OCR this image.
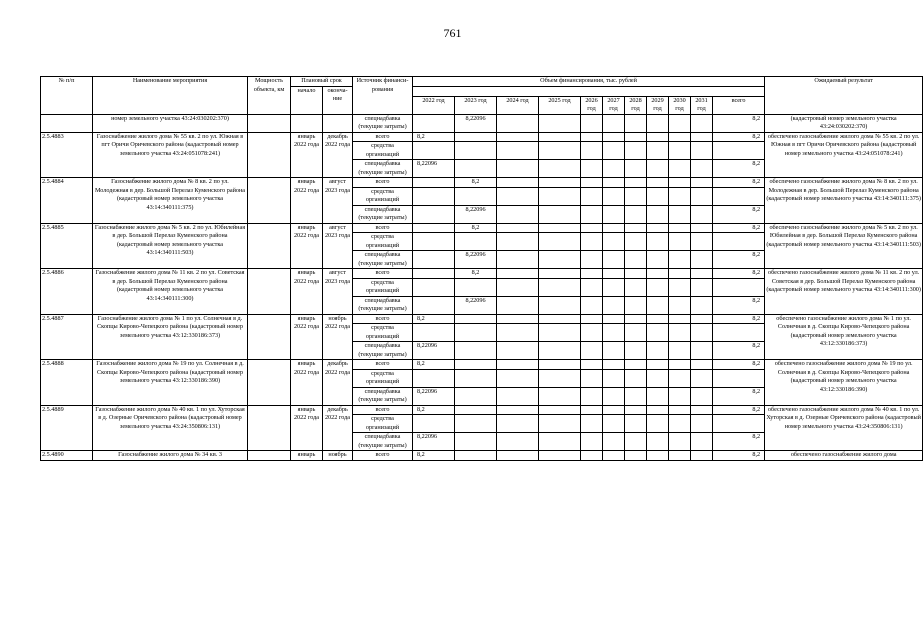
761
№ п/п	Наименование мероприятия	Мощность объекта, км	Плановый срок		Источник финанси-рования	Объем финансирования, тыс. рублей											Ожидаемый результат
			начало	оконча-ние													
						2022 год	2023 год	2024 год	2025 год	2026 год	2027 год	2028 год	2029 год	2030 год	2031 год	всего	
	номер земельного участка 43:24:030202:370)				спецнадбавка (текущие затраты)		8,22096									8,2	(кадастровый номер земельного участка 43:24:030202:370)
2.5.4883	Газоснабжение жилого дома № 55 кв. 2 по ул. Южная в пгт Оричи Оричевского района (кадастровый номер земельного участка 43:24:051078:241)		январь 2022 года	декабрь 2022 года	всего	8,2										8,2	обеспечено газоснабжение жилого дома № 55 кв. 2 по ул. Южная в пгт Оричи Оричевского района (кадастровый номер земельного участка 43:24:051078:241)
					средства организаций												
					спецнадбавка (текущие затраты)	8,22096										8,2	
2.5.4884	Газоснабжение жилого дома № 8 кв. 2 по ул. Молодежная в дер. Большой Перелаз Куменского района (кадастровый номер земельного участка 43:14:340111:375)		январь 2022 года	август 2023 года	всего		8,2									8,2	обеспечено газоснабжение жилого дома № 8 кв. 2 по ул. Молодежная в дер. Большой Перелаз Куменского района (кадастровый номер земельного участка 43:14:340111:375)
					средства организаций												
					спецнадбавка (текущие затраты)		8,22096									8,2	
2.5.4885	Газоснабжение жилого дома № 5 кв. 2 по ул. Юбилейная в дер. Большой Перелаз Куменского района (кадастровый номер земельного участка 43:14:340111:503)		январь 2022 года	август 2023 года	всего		8,2									8,2	обеспечено газоснабжение жилого дома № 5 кв. 2 по ул. Юбилейная в дер. Большой Перелаз Куменского района (кадастровый номер земельного участка 43:14:340111:503)
					средства организаций												
					спецнадбавка (текущие затраты)		8,22096									8,2	
2.5.4886	Газоснабжение жилого дома № 11 кв. 2 по ул. Советская в дер. Большой Перелаз Куменского района (кадастровый номер земельного участка 43:14:340111:300)		январь 2022 года	август 2023 года	всего		8,2									8,2	обеспечено газоснабжение жилого дома № 11 кв. 2 по ул. Советская в дер. Большой Перелаз Куменского района (кадастровый номер земельного участка 43:14:340111:300)
					средства организаций												
					спецнадбавка (текущие затраты)		8,22096									8,2	
2.5.4887	Газоснабжение жилого дома № 1 по ул. Солнечная в д. Скопцы Кирово-Чепецкого района (кадастровый номер земельного участка 43:12:330186:373)		январь 2022 года	ноябрь 2022 года	всего	8,2										8,2	обеспечено газоснабжение жилого дома № 1 по ул. Солнечная в д. Скопцы Кирово-Чепецкого района (кадастровый номер земельного участка 43:12:330186:373)
					средства организаций												
					спецнадбавка (текущие затраты)	8,22096										8,2	
2.5.4888	Газоснабжение жилого дома № 19 по ул. Солнечная в д. Скопцы Кирово-Чепецкого района (кадастровый номер земельного участка 43:12:330186:390)		январь 2022 года	декабрь 2022 года	всего	8,2										8,2	обеспечено газоснабжение жилого дома № 19 по ул. Солнечная в д. Скопцы Кирово-Чепецкого района (кадастровый номер земельного участка 43:12:330186:390)
					средства организаций												
					спецнадбавка (текущие затраты)	8,22096										8,2	
2.5.4889	Газоснабжение жилого дома № 40 кв. 1 по ул. Хуторская в д. Озерные Оричевского района (кадастровый номер земельного участка 43:24:350806:131)		январь 2022 года	декабрь 2022 года	всего	8,2										8,2	обеспечено газоснабжение жилого дома № 40 кв. 1 по ул. Хуторская в д. Озерные Оричевского района (кадастровый номер земельного участка 43:24:350806:131)
					средства организаций												
					спецнадбавка (текущие затраты)	8,22096										8,2	
2.5.4890	Газоснабжение жилого дома № 34 кв. 3		январь	ноябрь	всего	8,2										8,2	обеспечено газоснабжение жилого дома
